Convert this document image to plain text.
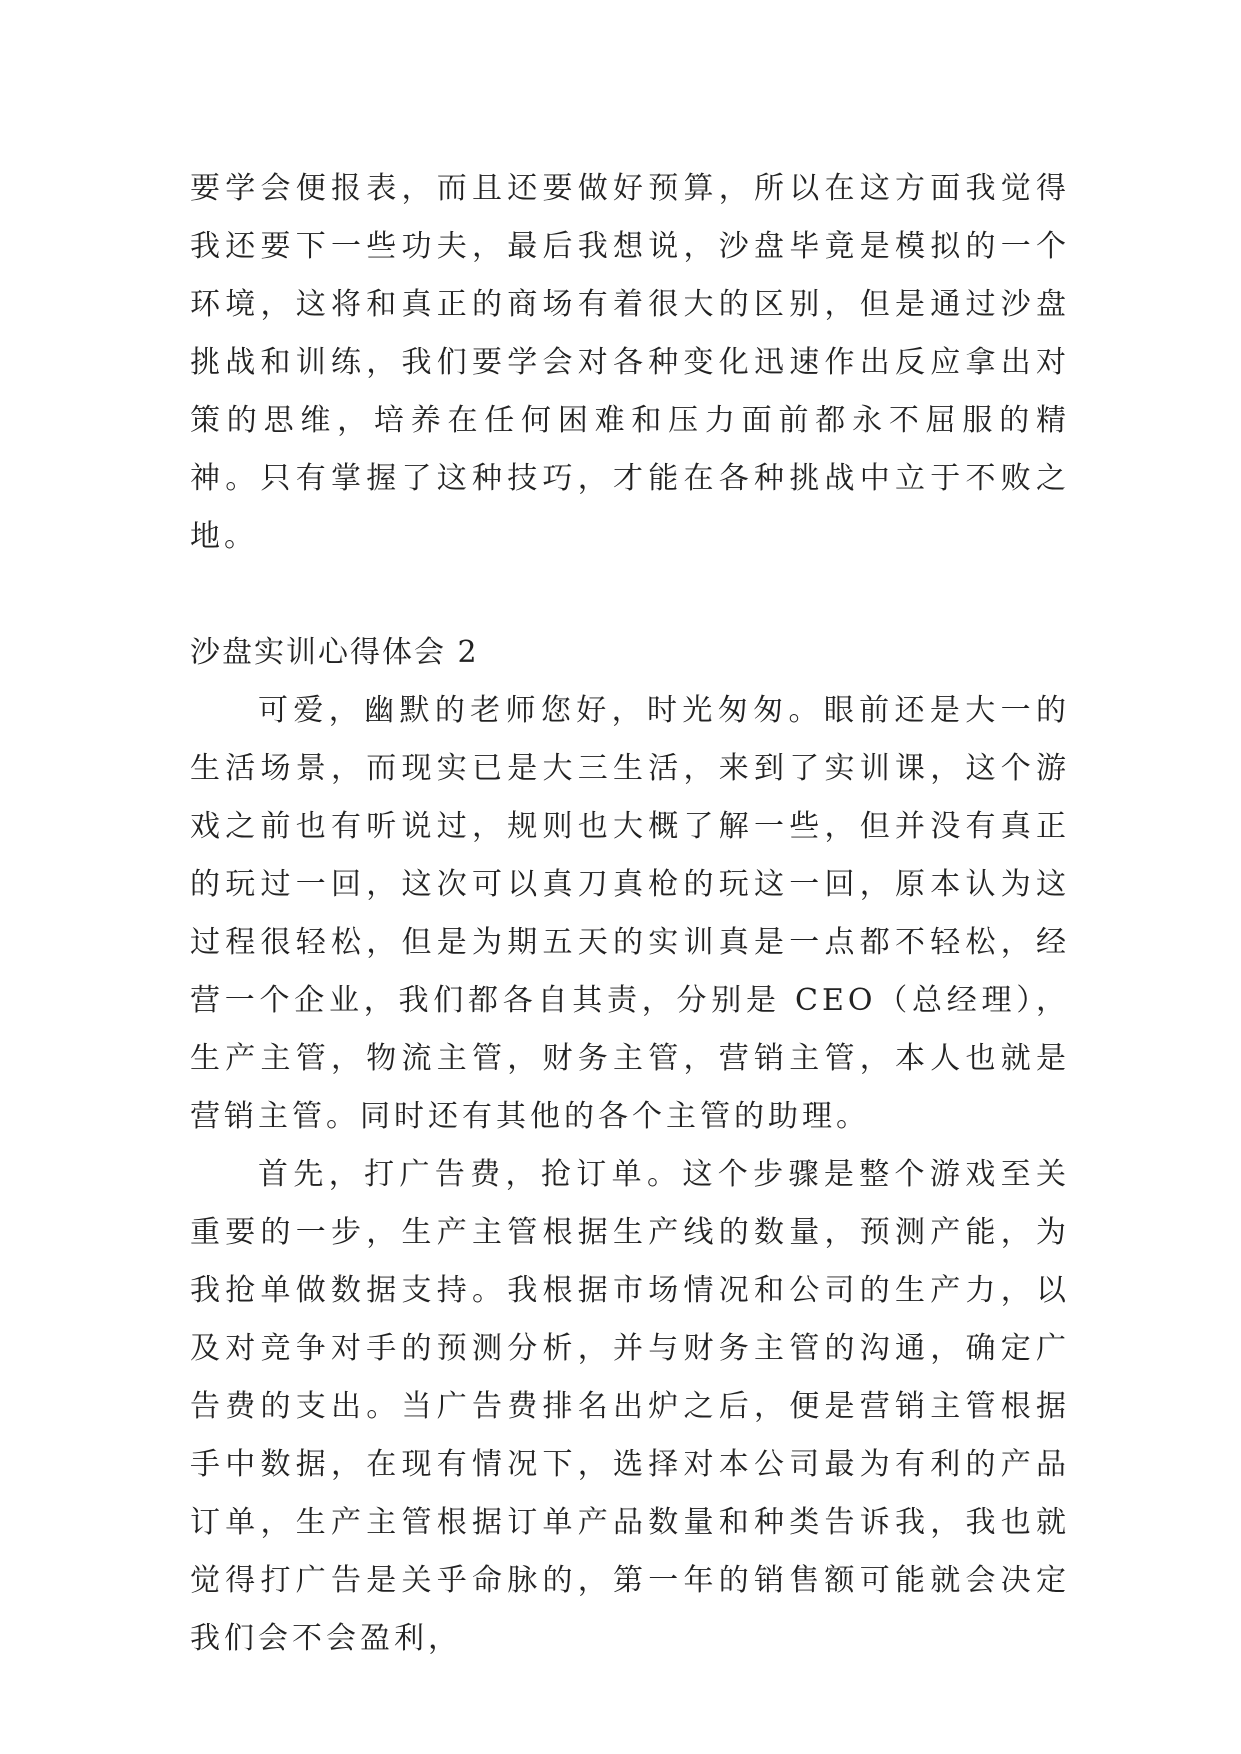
要学会便报表，而且还要做好预算，所以在这方面我觉得我还要下一些功夫，最后我想说，沙盘毕竟是模拟的一个环境，这将和真正的商场有着很大的区别，但是通过沙盘挑战和训练，我们要学会对各种变化迅速作出反应拿出对策的思维，培养在任何困难和压力面前都永不屈服的精神。只有掌握了这种技巧，才能在各种挑战中立于不败之地。

沙盘实训心得体会 2

可爱，幽默的老师您好，时光匆匆。眼前还是大一的生活场景，而现实已是大三生活，来到了实训课，这个游戏之前也有听说过，规则也大概了解一些，但并没有真正的玩过一回，这次可以真刀真枪的玩这一回，原本认为这过程很轻松，但是为期五天的实训真是一点都不轻松，经营一个企业，我们都各自其责，分别是 CEO（总经理），生产主管，物流主管，财务主管，营销主管，本人也就是营销主管。同时还有其他的各个主管的助理。

首先，打广告费，抢订单。这个步骤是整个游戏至关重要的一步，生产主管根据生产线的数量，预测产能，为我抢单做数据支持。我根据市场情况和公司的生产力，以及对竞争对手的预测分析，并与财务主管的沟通，确定广告费的支出。当广告费排名出炉之后，便是营销主管根据手中数据，在现有情况下，选择对本公司最为有利的产品订单，生产主管根据订单产品数量和种类告诉我，我也就觉得打广告是关乎命脉的，第一年的销售额可能就会决定我们会不会盈利，
